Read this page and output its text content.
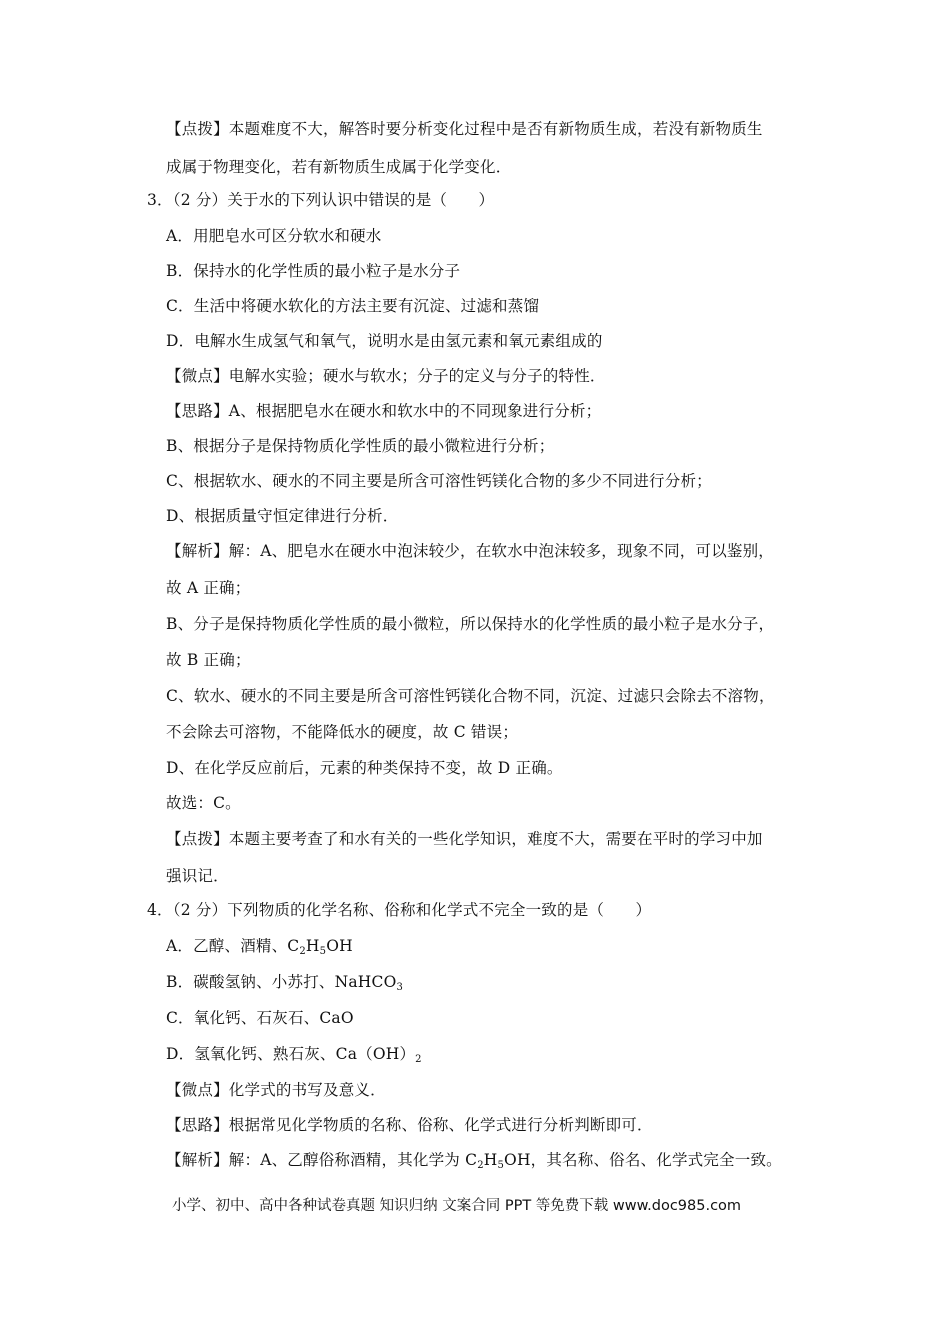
【点拨】本题难度不大，解答时要分析变化过程中是否有新物质生成，若没有新物质生
成属于物理变化，若有新物质生成属于化学变化．
3．（2 分）关于水的下列认识中错误的是（　　）
A．用肥皂水可区分软水和硬水
B．保持水的化学性质的最小粒子是水分子
C．生活中将硬水软化的方法主要有沉淀、过滤和蒸馏
D．电解水生成氢气和氧气，说明水是由氢元素和氧元素组成的
【微点】电解水实验；硬水与软水；分子的定义与分子的特性．
【思路】A、根据肥皂水在硬水和软水中的不同现象进行分析；
B、根据分子是保持物质化学性质的最小微粒进行分析；
C、根据软水、硬水的不同主要是所含可溶性钙镁化合物的多少不同进行分析；
D、根据质量守恒定律进行分析．
【解析】解：A、肥皂水在硬水中泡沫较少，在软水中泡沫较多，现象不同，可以鉴别，
故 A 正确；
B、分子是保持物质化学性质的最小微粒，所以保持水的化学性质的最小粒子是水分子，
故 B 正确；
C、软水、硬水的不同主要是所含可溶性钙镁化合物不同，沉淀、过滤只会除去不溶物，
不会除去可溶物，不能降低水的硬度，故 C 错误；
D、在化学反应前后，元素的种类保持不变，故 D 正确。
故选：C。
【点拨】本题主要考查了和水有关的一些化学知识，难度不大，需要在平时的学习中加
强识记．
4．（2 分）下列物质的化学名称、俗称和化学式不完全一致的是（　　）
A．乙醇、酒精、$C_2H_5OH$
B．碳酸氢钠、小苏打、NaHCO$_3$
C．氧化钙、石灰石、CaO
D．氢氧化钙、熟石灰、$Ca(OH)_2$
【微点】化学式的书写及意义．
【思路】根据常见化学物质的名称、俗称、化学式进行分析判断即可．
【解析】解：A、乙醇俗称酒精，其化学为 $C_2H_5OH$，其名称、俗名、化学式完全一致。
小学、初中、高中各种试卷真题 知识归纳 文案合同 PPT 等免费下载 www.doc985.com
